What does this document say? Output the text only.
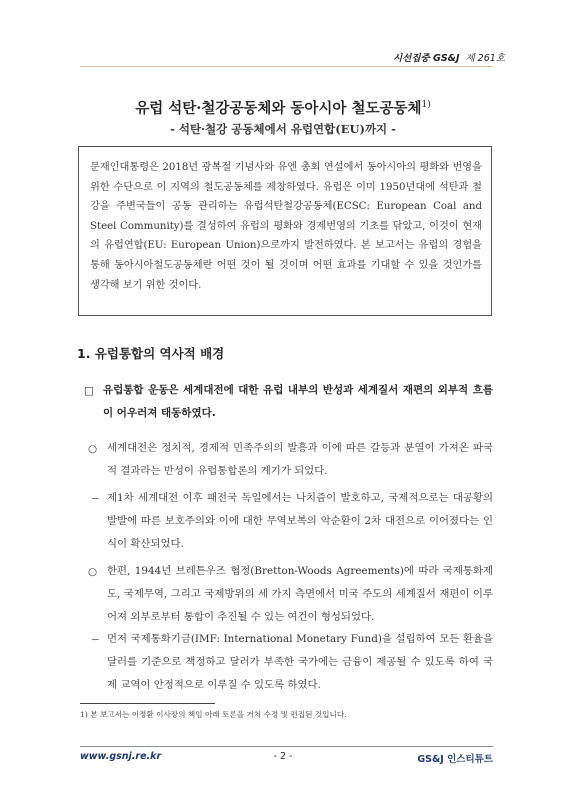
시선집중 GS&J 제 261호
유럽 석탄·철강공동체와 동아시아 철도공동체$^{1)}$
- 석탄·철강 공동체에서 유럽연합(EU)까지 -
문재인대통령은 2018년 광복절 기념사와 유엔 총회 연설에서 동아시아의 평화와 번영을 위한 수단으로 이 지역의 철도공동체를 제창하였다. 유럽은 이미 1950년대에 석탄과 철강을 주변국들이 공동 관리하는 유럽석탄철강공동체(ECSC: European Coal and Steel Community)를 결성하여 유럽의 평화와 경제번영의 기초를 닦았고, 이것이 현재의 유럽연합(EU: European Union)으로까지 발전하였다. 본 보고서는 유럽의 경험을 통해 동아시아철도공동체란 어떤 것이 될 것이며 어떤 효과를 기대할 수 있을 것인가를 생각해 보기 위한 것이다.
1. 유럽통합의 역사적 배경
□ 유럽통합 운동은 세계대전에 대한 유럽 내부의 반성과 세계질서 재편의 외부적 흐름이 어우러져 태동하였다.
○ 세계대전은 정치적, 경제적 민족주의의 발흥과 이에 따른 갈등과 분열이 가져온 파국적 결과라는 반성이 유럽통합론의 계기가 되었다.
− 제1차 세계대전 이후 패전국 독일에서는 나치즘이 발호하고, 국제적으로는 대공황의 발발에 따른 보호주의와 이에 대한 무역보복의 악순환이 2차 대전으로 이어졌다는 인식이 확산되었다.
○ 한편, 1944년 브레튼우즈 협정(Bretton-Woods Agreements)에 따라 국제통화제도, 국제무역, 그리고 국제방위의 세 가지 측면에서 미국 주도의 세계질서 재편이 이루어져 외부로부터 통합이 추진될 수 있는 여건이 형성되었다.
− 먼저 국제통화기금(IMF: International Monetary Fund)을 설립하여 모든 환율을 달러를 기준으로 책정하고 달러가 부족한 국가에는 금융이 제공될 수 있도록 하여 국제 교역이 안정적으로 이루질 수 있도록 하였다.
1) 본 보고서는 이정환 이사장의 책임 아래 토론을 거쳐 수정 및 편집된 것입니다.
www.gsnj.re.kr	- 2 -	GS&J 인스티튜트
